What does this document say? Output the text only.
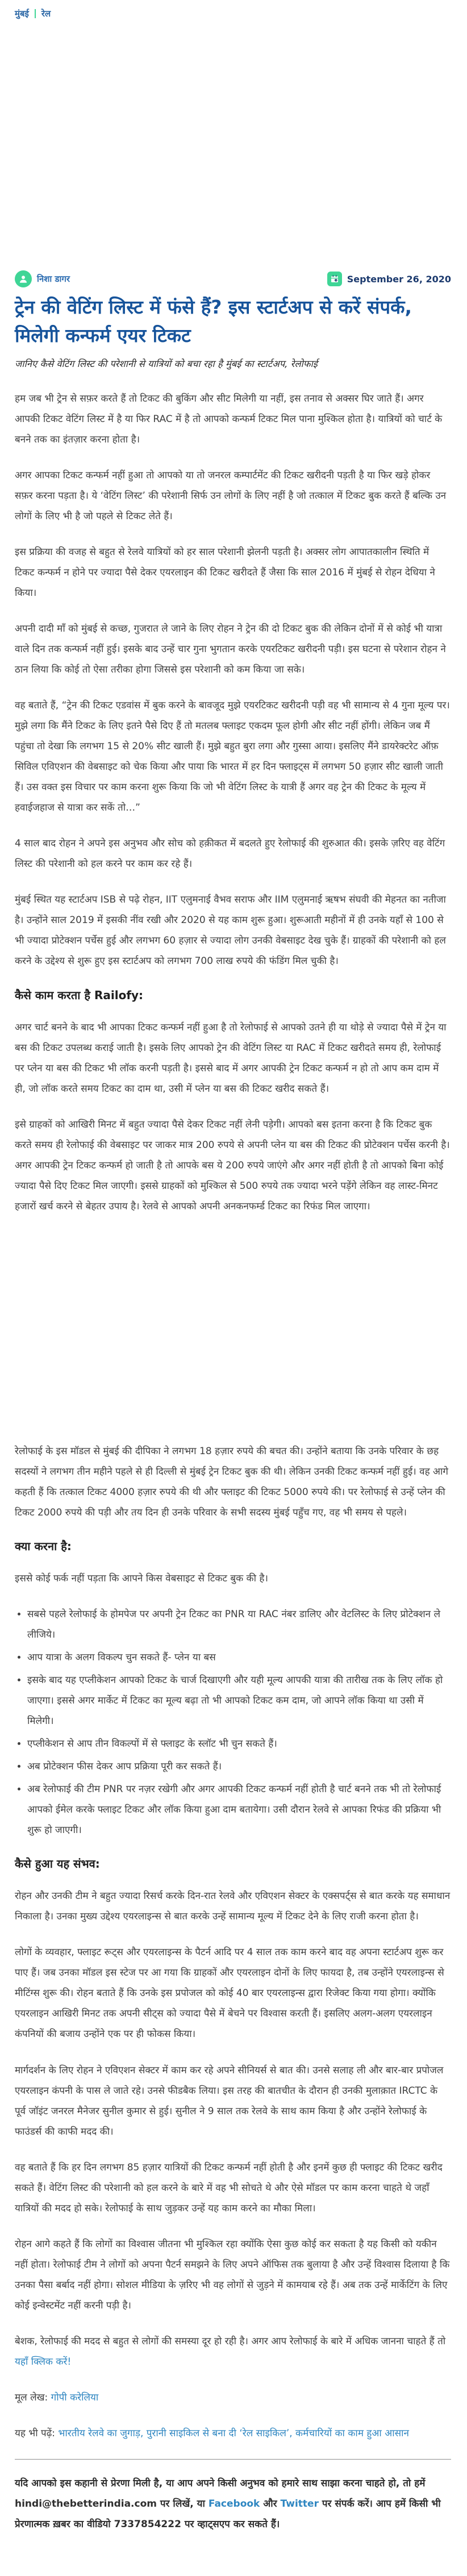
मुंबई रेल
निशा डागर	September 26, 2020
ट्रेन की वेटिंग लिस्ट में फंसे हैं? इस स्टार्टअप से करें संपर्क, मिलेगी कन्फर्म एयर टिकट
जानिए कैसे वेटिंग लिस्ट की परेशानी से यात्रियों को बचा रहा है मुंबई का स्टार्टअप, रेलोफाई

हम जब भी ट्रेन से सफ़र करते हैं तो टिकट की बुकिंग और सीट मिलेगी या नहीं, इस तनाव से अक्सर घिर जाते हैं। अगर आपकी टिकट वेटिंग लिस्ट में है या फिर RAC में है तो आपको कन्फर्म टिकट मिल पाना मुश्किल होता है। यात्रियों को चार्ट के बनने तक का इंतज़ार करना होता है।

अगर आपका टिकट कन्फर्म नहीं हुआ तो आपको या तो जनरल कम्पार्टमेंट की टिकट खरीदनी पड़ती है या फिर खड़े होकर सफ़र करना पड़ता है। ये ‘वेटिंग लिस्ट’ की परेशानी सिर्फ उन लोगों के लिए नहीं है जो तत्काल में टिकट बुक करते हैं बल्कि उन लोगों के लिए भी है जो पहले से टिकट लेते हैं।

इस प्रक्रिया की वजह से बहुत से रेलवे यात्रियों को हर साल परेशानी झेलनी पड़ती है। अक्सर लोग आपातकालीन स्थिति में टिकट कन्फर्म न होने पर ज्यादा पैसे देकर एयरलाइन की टिकट खरीदते हैं जैसा कि साल 2016 में मुंबई से रोहन देधिया ने किया।

अपनी दादी माँ को मुंबई से कच्छ, गुजरात ले जाने के लिए रोहन ने ट्रेन की दो टिकट बुक की लेकिन दोनों में से कोई भी यात्रा वाले दिन तक कन्फर्म नहीं हुई। इसके बाद उन्हें चार गुना भुगतान करके एयरटिकट खरीदनी पड़ी। इस घटना से परेशान रोहन ने ठान लिया कि कोई तो ऐसा तरीका होगा जिससे इस परेशानी को कम किया जा सके।

वह बताते हैं, “ट्रेन की टिकट एडवांस में बुक करने के बावजूद मुझे एयरटिकट खरीदनी पड़ी वह भी सामान्य से 4 गुना मूल्य पर। मुझे लगा कि मैंने टिकट के लिए इतने पैसे दिए हैं तो मतलब फ्लाइट एकदम फूल होगी और सीट नहीं होंगी। लेकिन जब मैं पहुंचा तो देखा कि लगभग 15 से 20% सीट खाली हैं। मुझे बहुत बुरा लगा और गुस्सा आया। इसलिए मैंने डायरेक्टरेट ऑफ़ सिविल एविएशन की वेबसाइट को चेक किया और पाया कि भारत में हर दिन फ्लाइट्स में लगभग 50 हज़ार सीट खाली जाती हैं। उस वक्त इस विचार पर काम करना शुरू किया कि जो भी वेटिंग लिस्ट के यात्री हैं अगर वह ट्रेन की टिकट के मूल्य में हवाईजहाज से यात्रा कर सकें तो…”

4 साल बाद रोहन ने अपने इस अनुभव और सोच को हक़ीकत में बदलते हुए रेलोफाई की शुरुआत की। इसके ज़रिए वह वेटिंग लिस्ट की परेशानी को हल करने पर काम कर रहे हैं।

मुंबई स्थित यह स्टार्टअप ISB से पढ़े रोहन, IIT एलुमनाई वैभव सराफ और IIM एलुमनाई ऋषभ संघवी की मेहनत का नतीजा है। उन्होंने साल 2019 में इसकी नींव रखी और 2020 से यह काम शुरू हुआ। शुरूआती महीनों में ही उनके यहाँ से 100 से भी ज्यादा प्रोटेक्शन पर्चेस हुई और लगभग 60 हज़ार से ज्यादा लोग उनकी वेबसाइट देख चुके हैं। ग्राहकों की परेशानी को हल करने के उद्देश्य से शुरू हुए इस स्टार्टअप को लगभग 700 लाख रुपये की फंडिंग मिल चुकी है।

कैसे काम करता है Railofy:

अगर चार्ट बनने के बाद भी आपका टिकट कन्फर्म नहीं हुआ है तो रेलोफाई से आपको उतने ही या थोड़े से ज्यादा पैसे में ट्रेन या बस की टिकट उपलब्ध कराई जाती है। इसके लिए आपको ट्रेन की वेटिंग लिस्ट या RAC में टिकट खरीदते समय ही, रेलोफाई पर प्लेन या बस की टिकट भी लॉक करनी पड़ती है। इससे बाद में अगर आपकी ट्रेन टिकट कन्फर्म न हो तो आप कम दाम में ही, जो लॉक करते समय टिकट का दाम था, उसी में प्लेन या बस की टिकट खरीद सकते हैं।

इसे ग्राहकों को आखिरी मिनट में बहुत ज्यादा पैसे देकर टिकट नहीं लेनी पड़ेगी। आपको बस इतना करना है कि टिकट बुक करते समय ही रेलोफाई की वेबसाइट पर जाकर मात्र 200 रुपये से अपनी प्लेन या बस की टिकट की प्रोटेक्शन पर्चेस करनी है। अगर आपकी ट्रेन टिकट कन्फर्म हो जाती है तो आपके बस ये 200 रुपये जाएंगे और अगर नहीं होती है तो आपको बिना कोई ज्यादा पैसे दिए टिकट मिल जाएगी। इससे ग्राहकों को मुश्किल से 500 रुपये तक ज्यादा भरने पड़ेंगे लेकिन वह लास्ट-मिनट हजारों खर्च करने से बेहतर उपाय है। रेलवे से आपको अपनी अनकनफर्म्ड टिकट का रिफंड मिल जाएगा।

रेलोफाई के इस मॉडल से मुंबई की दीपिका ने लगभग 18 हज़ार रुपये की बचत की। उन्होंने बताया कि उनके परिवार के छह सदस्यों ने लगभग तीन महीने पहले से ही दिल्ली से मुंबई ट्रेन टिकट बुक की थी। लेकिन उनकी टिकट कन्फर्म नहीं हुई। वह आगे कहती हैं कि तत्काल टिकट 4000 हज़ार रुपये की थी और फ्लाइट की टिकट 5000 रुपये की। पर रेलोफाई से उन्हें प्लेन की टिकट 2000 रुपये की पड़ी और तय दिन ही उनके परिवार के सभी सदस्य मुंबई पहुँच गए, वह भी समय से पहले।

क्या करना है:

इससे कोई फर्क नहीं पड़ता कि आपने किस वेबसाइट से टिकट बुक की है।

• सबसे पहले रेलोफाई के होमपेज पर अपनी ट्रेन टिकट का PNR या RAC नंबर डालिए और वेटलिस्ट के लिए प्रोटेक्शन ले लीजिये।
• आप यात्रा के अलग विकल्प चुन सकते हैं- प्लेन या बस
• इसके बाद यह एप्लीकेशन आपको टिकट के चार्ज दिखाएगी और यही मूल्य आपकी यात्रा की तारीख तक के लिए लॉक हो जाएगा। इससे अगर मार्केट में टिकट का मूल्य बढ़ा तो भी आपको टिकट कम दाम, जो आपने लॉक किया था उसी में मिलेगी।
• एप्लीकेशन से आप तीन विकल्पों में से फ्लाइट के स्लॉट भी चुन सकते हैं।
• अब प्रोटेक्शन फीस देकर आप प्रक्रिया पूरी कर सकते हैं।
• अब रेलोफाई की टीम PNR पर नज़र रखेगी और अगर आपकी टिकट कन्फर्म नहीं होती है चार्ट बनने तक भी तो रेलोफाई आपको ईमेल करके फ्लाइट टिकट और लॉक किया हुआ दाम बतायेगा। उसी दौरान रेलवे से आपका रिफंड की प्रक्रिया भी शुरू हो जाएगी।
कैसे हुआ यह संभव:

रोहन और उनकी टीम ने बहुत ज्यादा रिसर्च करके दिन-रात रेलवे और एविएशन सेक्टर के एक्सपर्ट्स से बात करके यह समाधान निकाला है। उनका मुख्य उद्देश्य एयरलाइन्स से बात करके उन्हें सामान्य मूल्य में टिकट देने के लिए राजी करना होता है।

लोगों के व्यवहार, फ्लाइट रूट्स और एयरलाइन्स के पैटर्न आदि पर 4 साल तक काम करने बाद वह अपना स्टार्टअप शुरू कर पाए हैं। जब उनका मॉडल इस स्टेज पर आ गया कि ग्राहकों और एयरलाइन दोनों के लिए फायदा है, तब उन्होंने एयरलाइन्स से मीटिंग्स शुरू की। रोहन बताते हैं कि उनके इस प्रपोजल को कोई 40 बार एयरलाइन्स द्वारा रिजेक्ट किया गया होगा। क्योंकि एयरलाइन आखिरी मिनट तक अपनी सीट्स को ज्यादा पैसे में बेचने पर विश्वास करती हैं। इसलिए अलग-अलग एयरलाइन कंपनियों की बजाय उन्होंने एक पर ही फोकस किया।

मार्गदर्शन के लिए रोहन ने एविएशन सेक्टर में काम कर रहे अपने सीनियर्स से बात की। उनसे सलाह ली और बार-बार प्रपोजल एयरलाइन कंपनी के पास ले जाते रहे। उनसे फीडबैक लिया। इस तरह की बातचीत के दौरान ही उनकी मुलाक़ात IRCTC के पूर्व जॉइंट जनरल मैनेजर सुनील कुमार से हुई। सुनील ने 9 साल तक रेलवे के साथ काम किया है और उन्होंने रेलोफाई के फाउंडर्स की काफी मदद की।

वह बताते हैं कि हर दिन लगभग 85 हज़ार यात्रियों की टिकट कन्फर्म नहीं होती है और इनमें कुछ ही फ्लाइट की टिकट खरीद सकते हैं। वेटिंग लिस्ट की परेशानी को हल करने के बारे में वह भी सोचते थे और ऐसे मॉडल पर काम करना चाहते थे जहाँ यात्रियों की मदद हो सके। रेलोफाई के साथ जुड़कर उन्हें यह काम करने का मौका मिला।

रोहन आगे कहते हैं कि लोगों का विश्वास जीतना भी मुश्किल रहा क्योंकि ऐसा कुछ कोई कर सकता है यह किसी को यकीन नहीं होता। रेलोफाई टीम ने लोगों को अपना पैटर्न समझने के लिए अपने ऑफिस तक बुलाया है और उन्हें विश्वास दिलाया है कि उनका पैसा बर्बाद नहीं होगा। सोशल मीडिया के ज़रिए भी वह लोगों से जुड़ने में कामयाब रहे हैं। अब तक उन्हें मार्केटिंग के लिए कोई इन्वेस्टमेंट नहीं करनी पड़ी है।

बेशक, रेलोफाई की मदद से बहुत से लोगों की समस्या दूर हो रही है। अगर आप रेलोफाई के बारे में अधिक जानना चाहते हैं तो यहाँ क्लिक करें!

मूल लेख: गोपी करेलिया

यह भी पढ़ें: भारतीय रेलवे का जुगाड़, पुरानी साइकिल से बना दी ‘रेल साइकिल’, कर्मचारियों का काम हुआ आसान

यदि आपको इस कहानी से प्रेरणा मिली है, या आप अपने किसी अनुभव को हमारे साथ साझा करना चाहते हो, तो हमें hindi@thebetterindia.com पर लिखें, या Facebook और Twitter पर संपर्क करें। आप हमें किसी भी प्रेरणात्मक ख़बर का वीडियो 7337854222 पर व्हाट्सएप कर सकते हैं।
